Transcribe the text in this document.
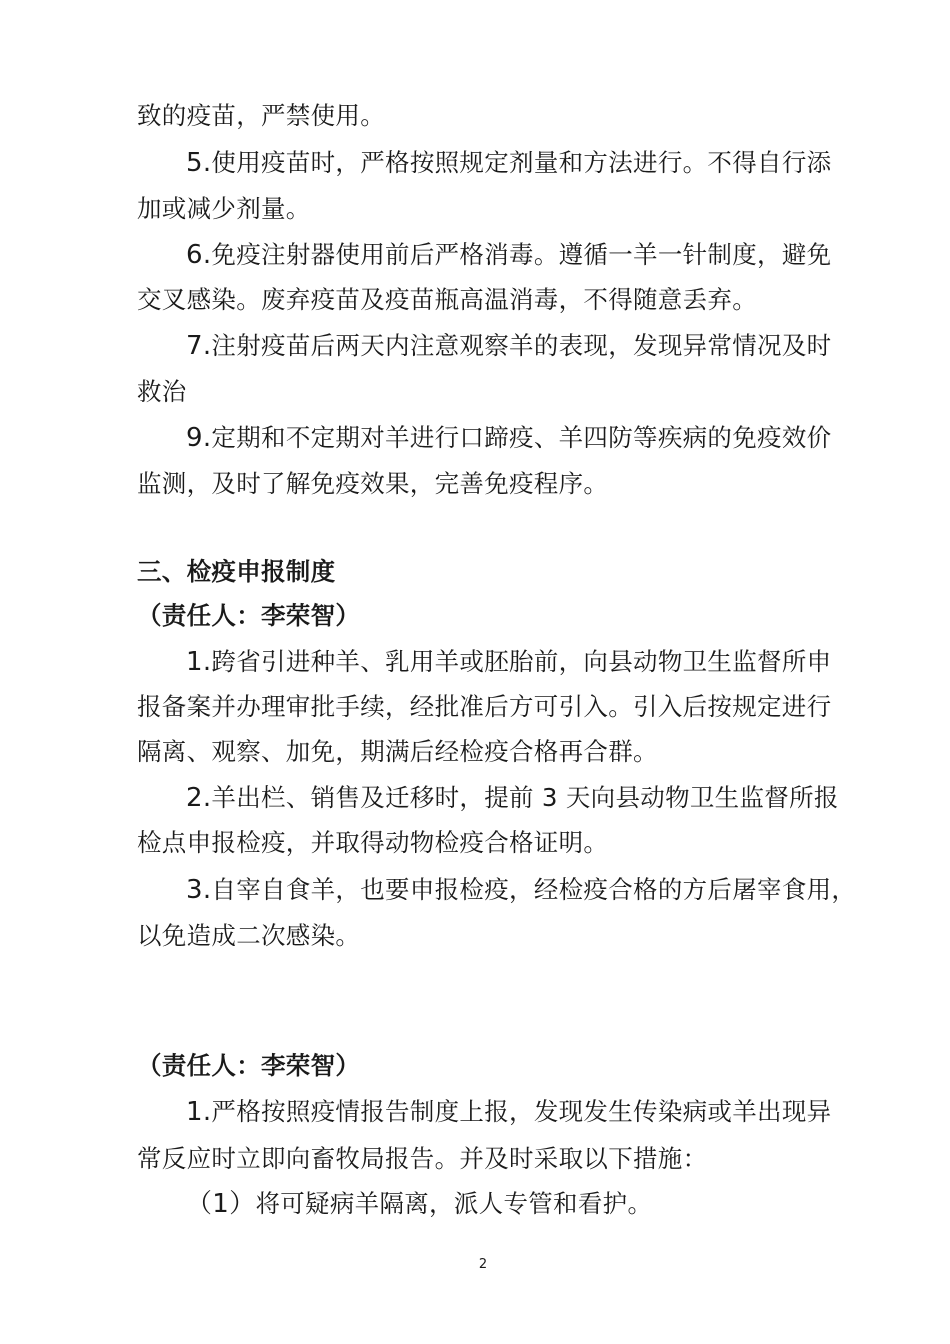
致的疫苗，严禁使用。
5.使用疫苗时，严格按照规定剂量和方法进行。不得自行添
加或减少剂量。
6.免疫注射器使用前后严格消毒。遵循一羊一针制度，避免
交叉感染。废弃疫苗及疫苗瓶高温消毒，不得随意丢弃。
7.注射疫苗后两天内注意观察羊的表现，发现异常情况及时
救治
9.定期和不定期对羊进行口蹄疫、羊四防等疾病的免疫效价
监测，及时了解免疫效果，完善免疫程序。
三、检疫申报制度
（责任人：李荣智）
1.跨省引进种羊、乳用羊或胚胎前，向县动物卫生监督所申
报备案并办理审批手续，经批准后方可引入。引入后按规定进行
隔离、观察、加免，期满后经检疫合格再合群。
2.羊出栏、销售及迁移时，提前 3 天向县动物卫生监督所报
检点申报检疫，并取得动物检疫合格证明。
3.自宰自食羊，也要申报检疫，经检疫合格的方后屠宰食用，
以免造成二次感染。
（责任人：李荣智）
1.严格按照疫情报告制度上报，发现发生传染病或羊出现异
常反应时立即向畜牧局报告。并及时采取以下措施：
（1）将可疑病羊隔离，派人专管和看护。
2
